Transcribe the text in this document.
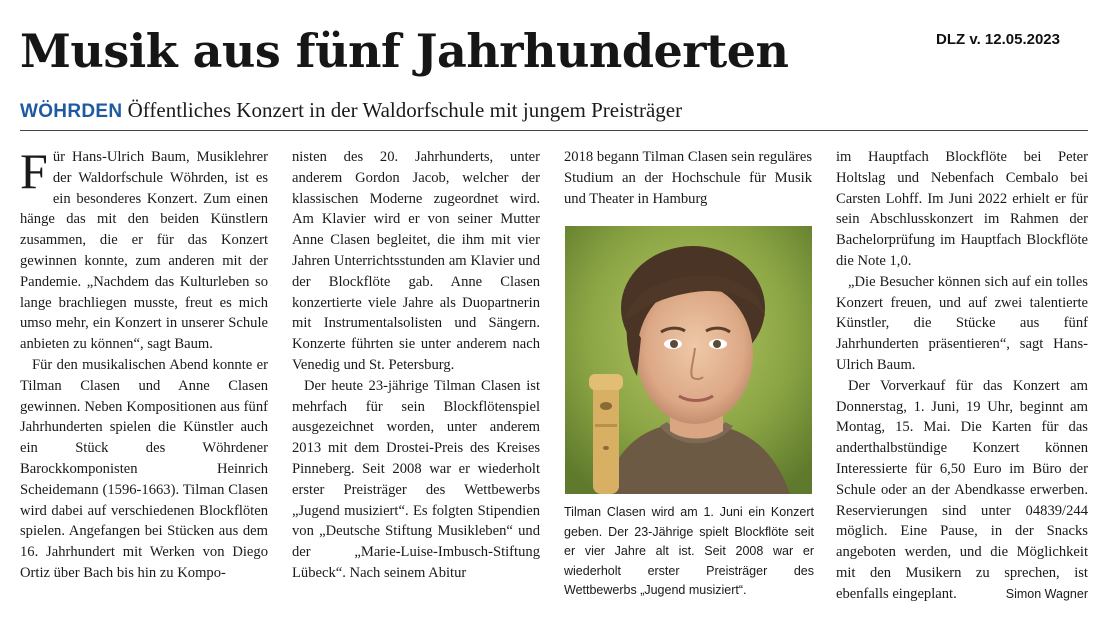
DLZ v. 12.05.2023
Musik aus fünf Jahrhunderten
WÖHRDEN Öffentliches Konzert in der Waldorfschule mit jungem Preisträger

Für Hans-Ulrich Baum, Musiklehrer der Waldorfschule Wöhrden, ist es ein besonderes Konzert. Zum einen hänge das mit den beiden Künstlern zusammen, die er für das Konzert gewinnen konnte, zum anderen mit der Pandemie. „Nachdem das Kulturleben so lange brachliegen musste, freut es mich umso mehr, ein Konzert in unserer Schule anbieten zu können“, sagt Baum.

Für den musikalischen Abend konnte er Tilman Clasen und Anne Clasen gewinnen. Neben Kompositionen aus fünf Jahrhunderten spielen die Künstler auch ein Stück des Wöhrdener Barockkomponisten Heinrich Scheidemann (1596-1663). Tilman Clasen wird dabei auf verschiedenen Blockflöten spielen. Angefangen bei Stücken aus dem 16. Jahrhundert mit Werken von Diego Ortiz über Bach bis hin zu Kompo-

nisten des 20. Jahrhunderts, unter anderem Gordon Jacob, welcher der klassischen Moderne zugeordnet wird. Am Klavier wird er von seiner Mutter Anne Clasen begleitet, die ihm mit vier Jahren Unterrichtsstunden am Klavier und der Blockflöte gab. Anne Clasen konzertierte viele Jahre als Duopartnerin mit Instrumentalsolisten und Sängern. Konzerte führten sie unter anderem nach Venedig und St. Petersburg.

Der heute 23-jährige Tilman Clasen ist mehrfach für sein Blockflötenspiel ausgezeichnet worden, unter anderem 2013 mit dem Drostei-Preis des Kreises Pinneberg. Seit 2008 war er wiederholt erster Preisträger des Wettbewerbs „Jugend musiziert“. Es folgten Stipendien von „Deutsche Stiftung Musikleben“ und der „Marie-Luise-Imbusch-Stiftung Lübeck“. Nach seinem Abitur

2018 begann Tilman Clasen sein reguläres Studium an der Hochschule für Musik und Theater in Hamburg

Tilman Clasen wird am 1. Juni ein Konzert geben. Der 23-Jährige spielt Blockflöte seit er vier Jahre alt ist. Seit 2008 war er wiederholt erster Preisträger des Wettbewerbs „Jugend musiziert“.

im Hauptfach Blockflöte bei Peter Holtslag und Nebenfach Cembalo bei Carsten Lohff. Im Juni 2022 erhielt er für sein Abschlusskonzert im Rahmen der Bachelorprüfung im Hauptfach Blockflöte die Note 1,0.

„Die Besucher können sich auf ein tolles Konzert freuen, und auf zwei talentierte Künstler, die Stücke aus fünf Jahrhunderten präsentieren“, sagt Hans-Ulrich Baum.

Der Vorverkauf für das Konzert am Donnerstag, 1. Juni, 19 Uhr, beginnt am Montag, 15. Mai. Die Karten für das anderthalbstündige Konzert können Interessierte für 6,50 Euro im Büro der Schule oder an der Abendkasse erwerben. Reservierungen sind unter 04839/244 möglich. Eine Pause, in der Snacks angeboten werden, und die Möglichkeit mit den Musikern zu sprechen, ist ebenfalls eingeplant.	Simon Wagner
